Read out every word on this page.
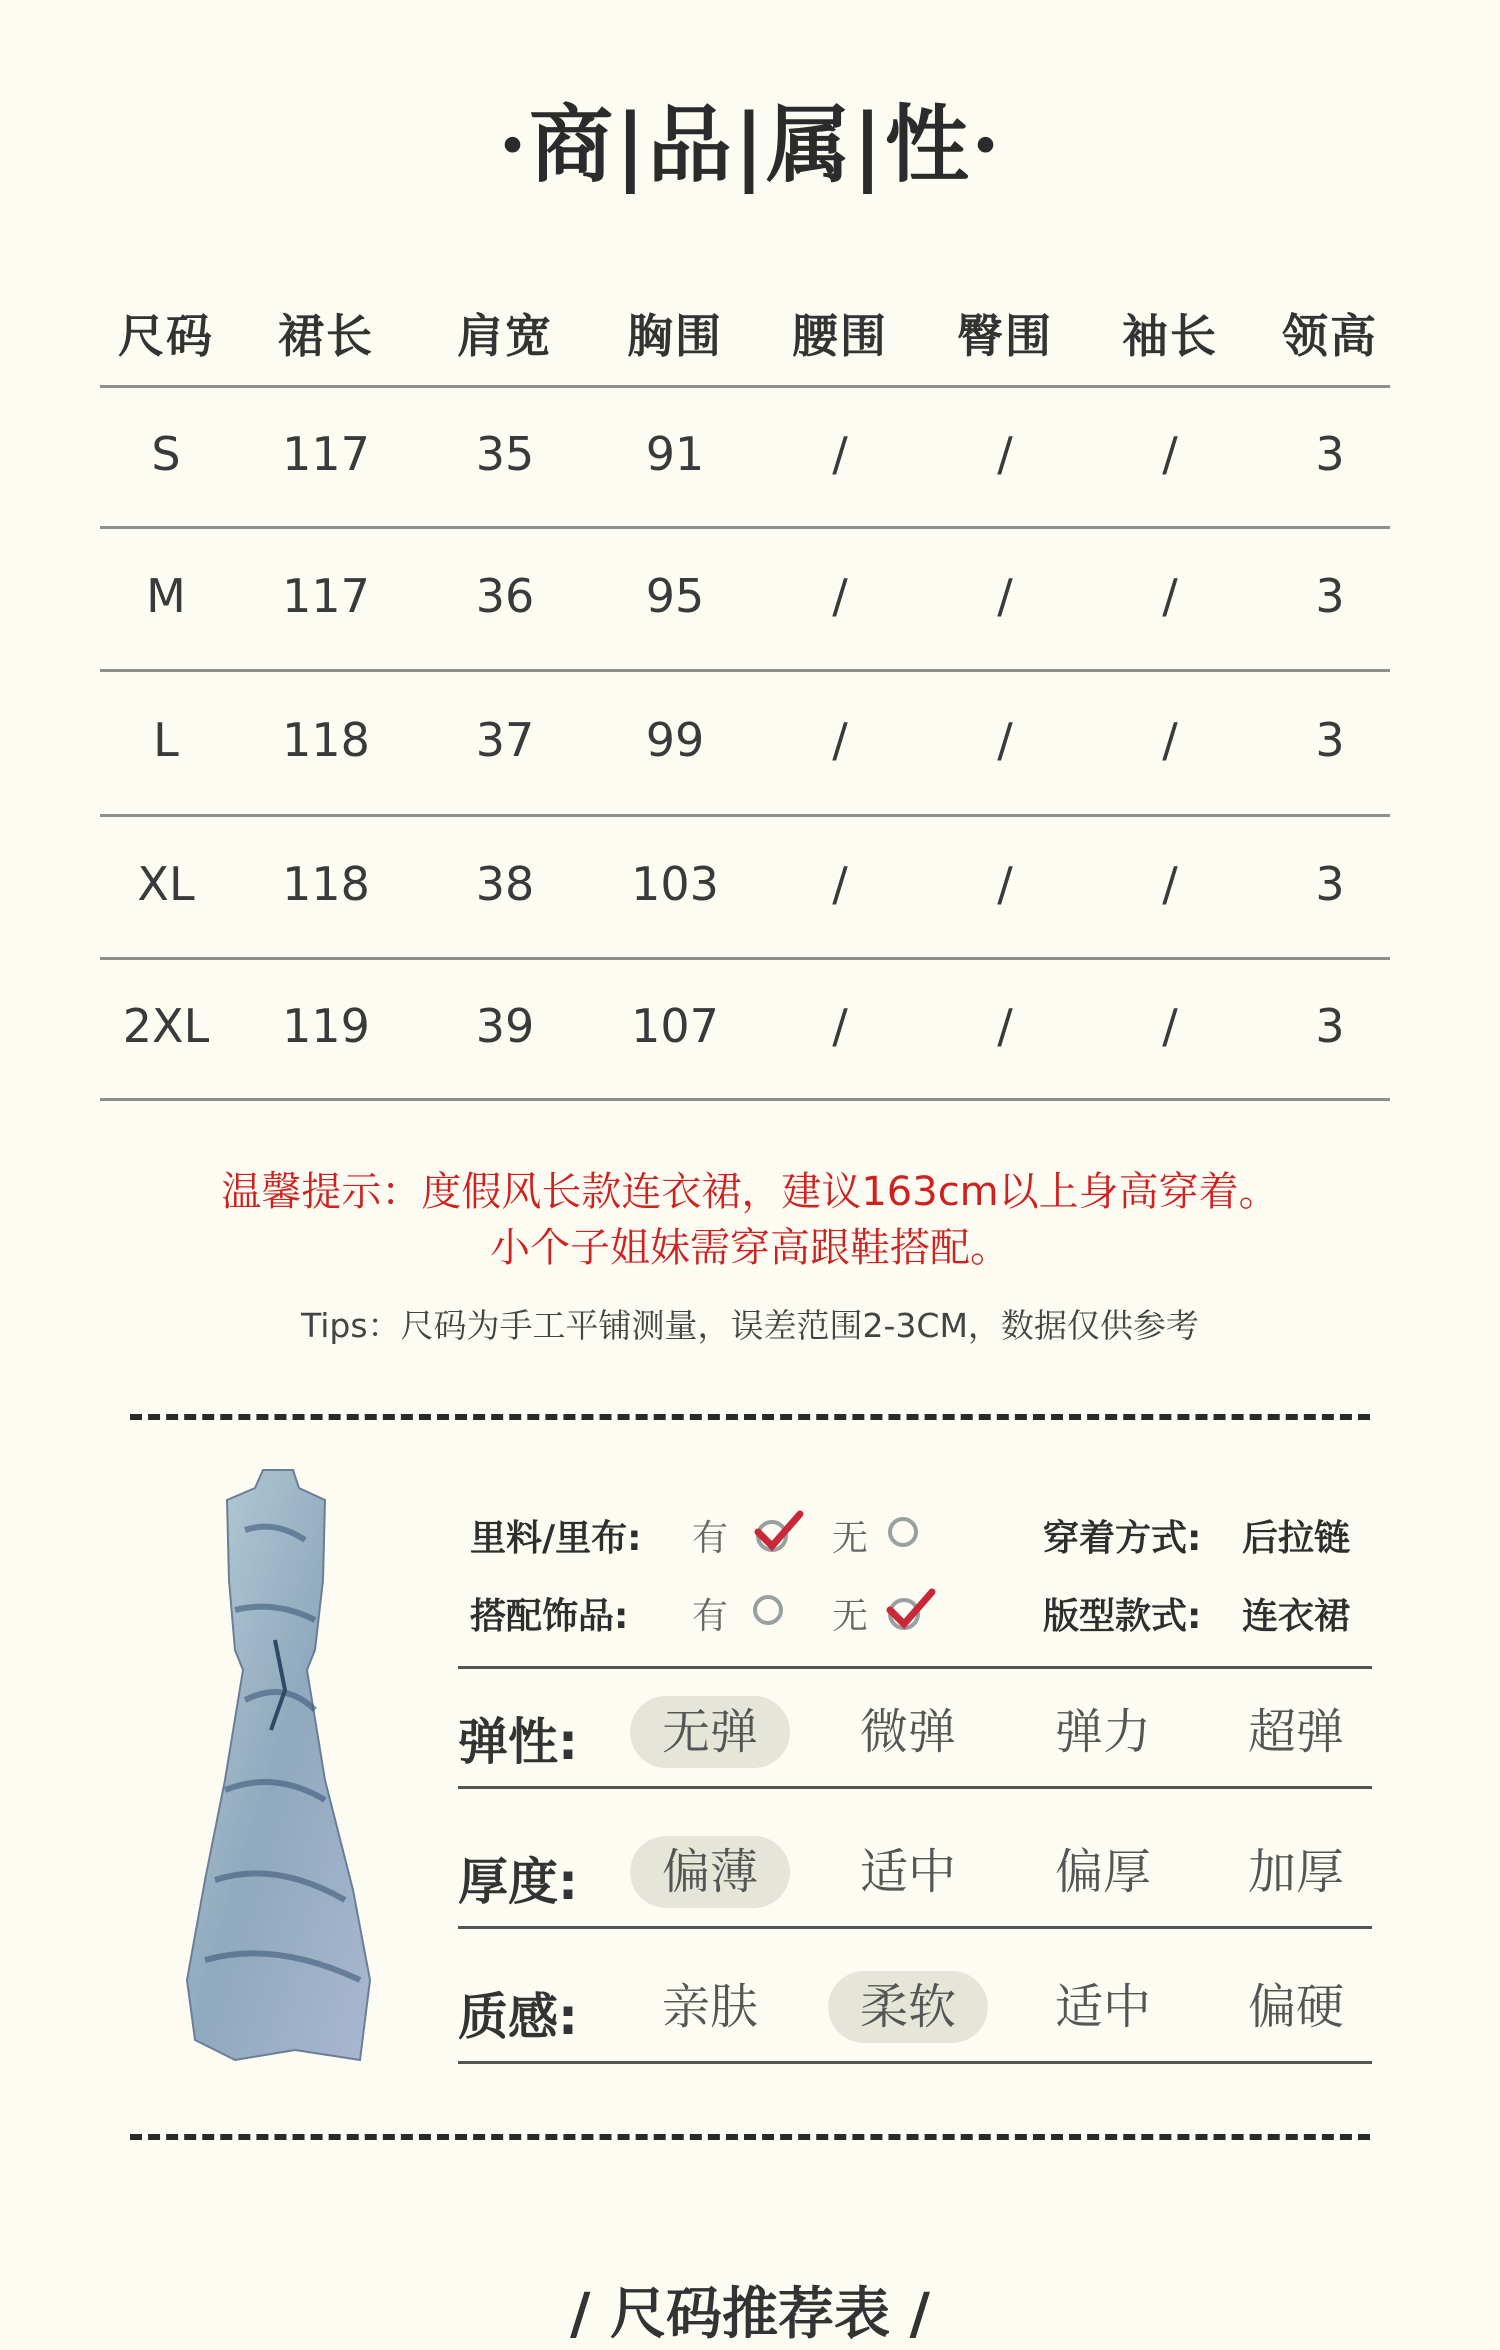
·商|品|属|性·
尺码 裙长 肩宽 胸围 腰围 臀围 袖长 领高
S 117 35 91	/	/	/	3
M 117 36 95	/	/	/	3
L 118 37 99	/	/	/	3
XL 118 38 103 /	/	/	3
2XL 119 39 107 /	/	/	3
温馨提示：度假风长款连衣裙，建议163cm以上身高穿着。
小个子姐妹需穿高跟鞋搭配。
Tips：尺码为手工平铺测量，误差范围2-3CM，数据仅供参考
里料/里布: 有	无	穿着方式: 后拉链
搭配饰品: 有	无	版型款式: 连衣裙
弹性:	无弹	微弹	弹力	超弹
厚度:	偏薄	适中	偏厚	加厚
质感:	亲肤	柔软	适中	偏硬
/ 尺码推荐表 /
